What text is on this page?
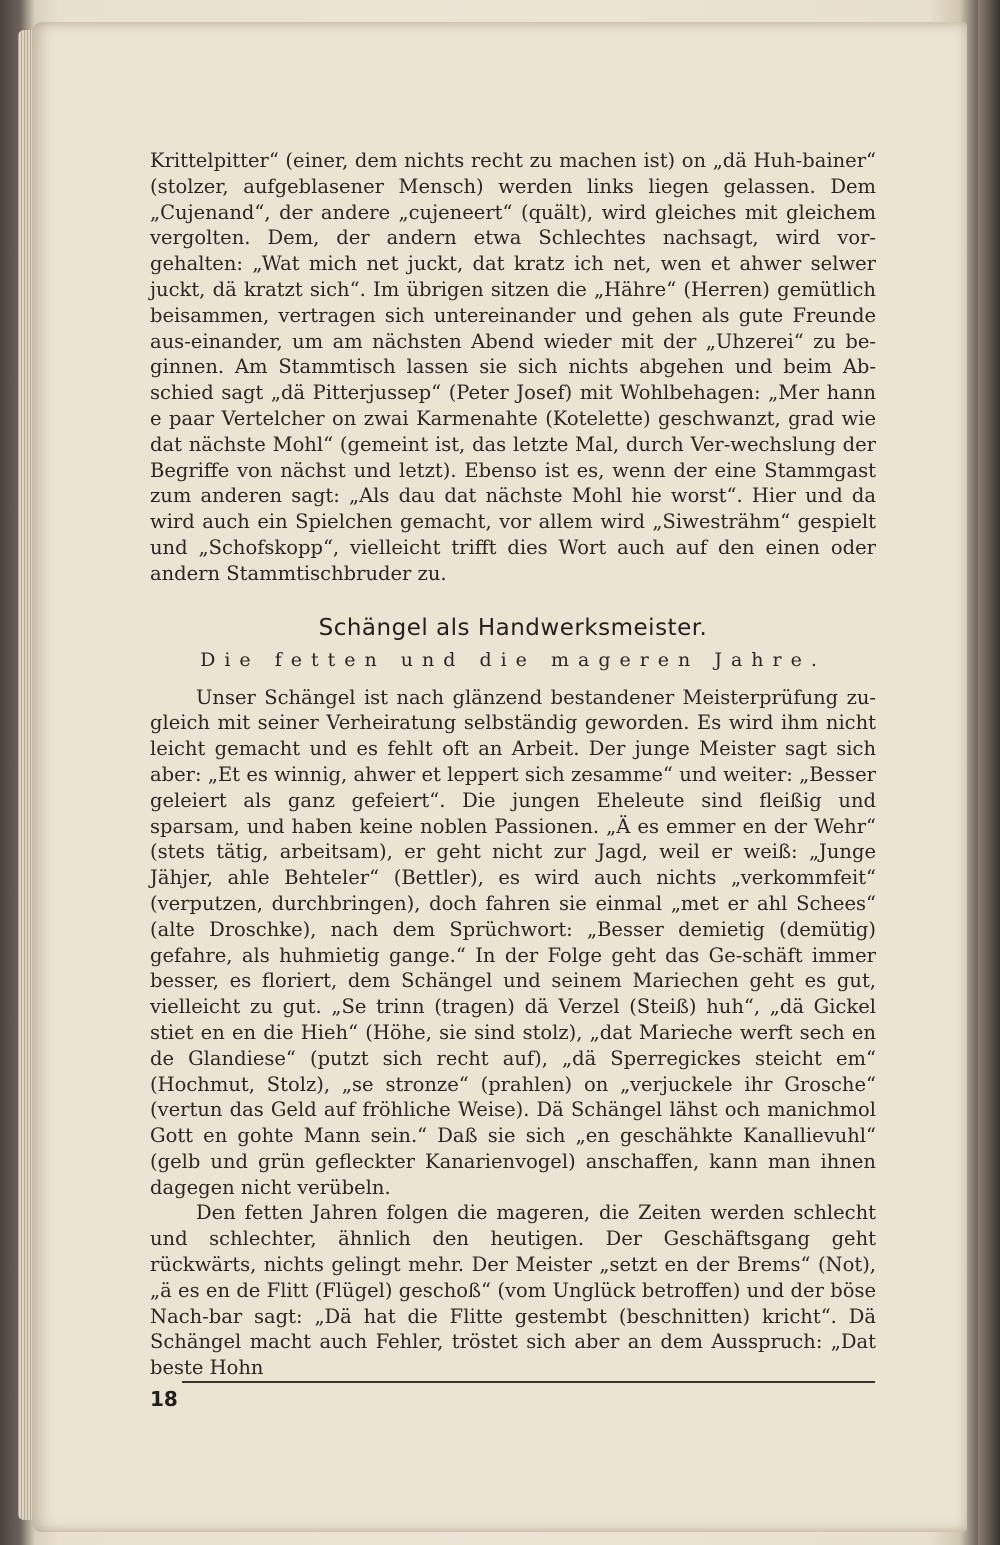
Krittelpitter“ (einer, dem nichts recht zu machen ist) on „dä Huh-bainer“ (stolzer, aufgeblasener Mensch) werden links liegen gelassen. Dem „Cujenand“, der andere „cujeneert“ (quält), wird gleiches mit gleichem vergolten. Dem, der andern etwa Schlechtes nachsagt, wird vor-gehalten: „Wat mich net juckt, dat kratz ich net, wen et ahwer selwer juckt, dä kratzt sich“. Im übrigen sitzen die „Hähre“ (Herren) gemütlich beisammen, vertragen sich untereinander und gehen als gute Freunde aus-einander, um am nächsten Abend wieder mit der „Uhzerei“ zu be-ginnen. Am Stammtisch lassen sie sich nichts abgehen und beim Ab-schied sagt „dä Pitterjussep“ (Peter Josef) mit Wohlbehagen: „Mer hann e paar Vertelcher on zwai Karmenahte (Kotelette) geschwanzt, grad wie dat nächste Mohl“ (gemeint ist, das letzte Mal, durch Ver-wechslung der Begriffe von nächst und letzt). Ebenso ist es, wenn der eine Stammgast zum anderen sagt: „Als dau dat nächste Mohl hie worst“. Hier und da wird auch ein Spielchen gemacht, vor allem wird „Siwesträhm“ gespielt und „Schofskopp“, vielleicht trifft dies Wort auch auf den einen oder andern Stammtischbruder zu.

Schängel als Handwerksmeister.
Die fetten und die mageren Jahre.

Unser Schängel ist nach glänzend bestandener Meisterprüfung zu-gleich mit seiner Verheiratung selbständig geworden. Es wird ihm nicht leicht gemacht und es fehlt oft an Arbeit. Der junge Meister sagt sich aber: „Et es winnig, ahwer et leppert sich zesamme“ und weiter: „Besser geleiert als ganz gefeiert“. Die jungen Eheleute sind fleißig und sparsam, und haben keine noblen Passionen. „Ä es emmer en der Wehr“ (stets tätig, arbeitsam), er geht nicht zur Jagd, weil er weiß: „Junge Jähjer, ahle Behteler“ (Bettler), es wird auch nichts „verkommfeit“ (verputzen, durchbringen), doch fahren sie einmal „met er ahl Schees“ (alte Droschke), nach dem Sprüchwort: „Besser demietig (demütig) gefahre, als huhmietig gange.“ In der Folge geht das Ge-schäft immer besser, es floriert, dem Schängel und seinem Mariechen geht es gut, vielleicht zu gut. „Se trinn (tragen) dä Verzel (Steiß) huh“, „dä Gickel stiet en en die Hieh“ (Höhe, sie sind stolz), „dat Marieche werft sech en de Glandiese“ (putzt sich recht auf), „dä Sperregickes steicht em“ (Hochmut, Stolz), „se stronze“ (prahlen) on „verjuckele ihr Grosche“ (vertun das Geld auf fröhliche Weise). Dä Schängel lähst och manichmol Gott en gohte Mann sein.“ Daß sie sich „en geschähkte Kanallievuhl“ (gelb und grün gefleckter Kanarienvogel) anschaffen, kann man ihnen dagegen nicht verübeln.

Den fetten Jahren folgen die mageren, die Zeiten werden schlecht und schlechter, ähnlich den heutigen. Der Geschäftsgang geht rückwärts, nichts gelingt mehr. Der Meister „setzt en der Brems“ (Not), „ä es en de Flitt (Flügel) geschoß“ (vom Unglück betroffen) und der böse Nach-bar sagt: „Dä hat die Flitte gestembt (beschnitten) kricht“. Dä Schängel macht auch Fehler, tröstet sich aber an dem Ausspruch: „Dat beste Hohn

18
